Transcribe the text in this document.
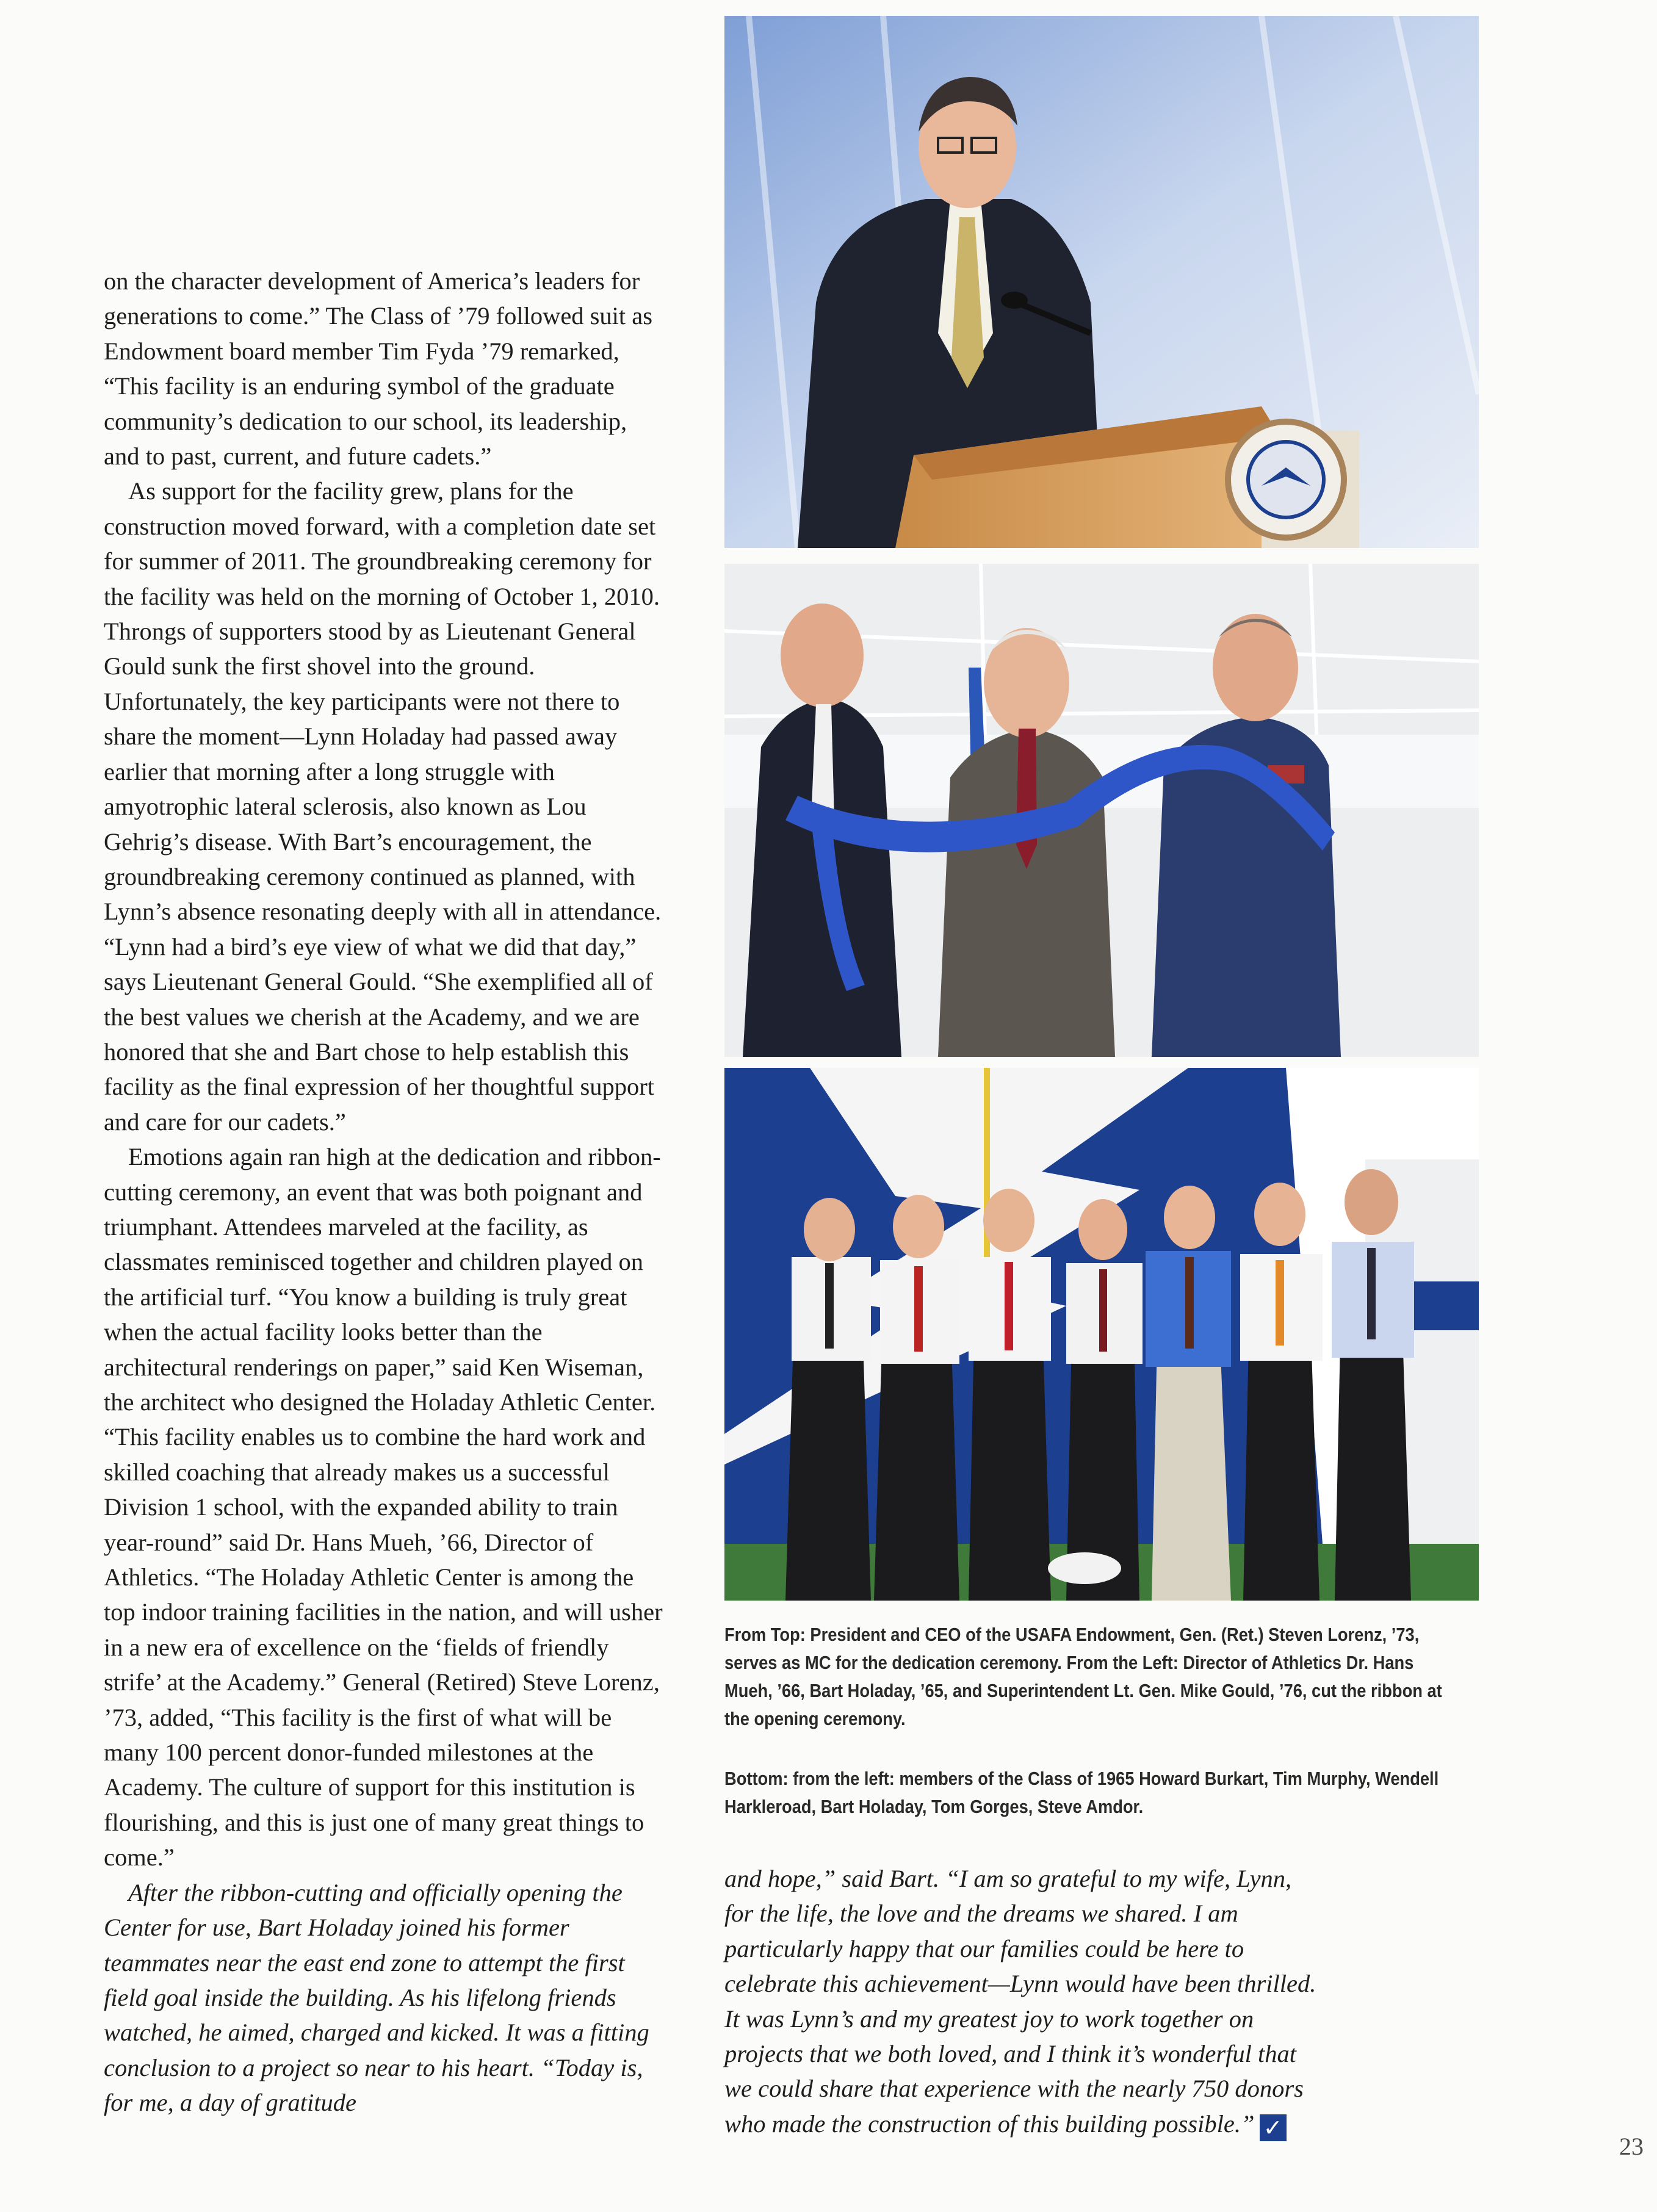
on the character development of America’s leaders for generations to come.” The Class of ’79 followed suit as Endowment board member Tim Fyda ’79 remarked, “This facility is an enduring symbol of the graduate community’s dedication to our school, its leadership, and to past, current, and future cadets.”

As support for the facility grew, plans for the construction moved forward, with a completion date set for summer of 2011. The groundbreaking ceremony for the facility was held on the morning of October 1, 2010. Throngs of supporters stood by as Lieutenant General Gould sunk the first shovel into the ground. Unfortunately, the key participants were not there to share the moment—Lynn Holaday had passed away earlier that morning after a long struggle with amyotrophic lateral sclerosis, also known as Lou Gehrig’s disease. With Bart’s encouragement, the groundbreaking ceremony continued as planned, with Lynn’s absence resonating deeply with all in attendance. “Lynn had a bird’s eye view of what we did that day,” says Lieutenant General Gould. “She exemplified all of the best values we cherish at the Academy, and we are honored that she and Bart chose to help establish this facility as the final expression of her thoughtful support and care for our cadets.”

Emotions again ran high at the dedication and ribbon-cutting ceremony, an event that was both poignant and triumphant. Attendees marveled at the facility, as classmates reminisced together and children played on the artificial turf. “You know a building is truly great when the actual facility looks better than the architectural renderings on paper,” said Ken Wiseman, the architect who designed the Holaday Athletic Center. “This facility enables us to combine the hard work and skilled coaching that already makes us a successful Division 1 school, with the expanded ability to train year-round” said Dr. Hans Mueh, ’66, Director of Athletics. “The Holaday Athletic Center is among the top indoor training facilities in the nation, and will usher in a new era of excellence on the ‘fields of friendly strife’ at the Academy.” General (Retired) Steve Lorenz, ’73, added, “This facility is the first of what will be many 100 percent donor-funded milestones at the Academy. The culture of support for this institution is flourishing, and this is just one of many great things to come.”

After the ribbon-cutting and officially opening the Center for use, Bart Holaday joined his former teammates near the east end zone to attempt the first field goal inside the building. As his lifelong friends watched, he aimed, charged and kicked. It was a fitting conclusion to a project so near to his heart. “Today is, for me, a day of gratitude

From Top: President and CEO of the USAFA Endowment, Gen. (Ret.) Steven Lorenz, ’73, serves as MC for the dedication ceremony. From the Left: Director of Athletics Dr. Hans Mueh, ’66, Bart Holaday, ’65, and Superintendent Lt. Gen. Mike Gould, ’76, cut the ribbon at the opening ceremony.

Bottom: from the left: members of the Class of 1965 Howard Burkart, Tim Murphy, Wendell Harkleroad, Bart Holaday, Tom Gorges, Steve Amdor.

and hope,” said Bart. “I am so grateful to my wife, Lynn, for the life, the love and the dreams we shared. I am particularly happy that our families could be here to celebrate this achievement—Lynn would have been thrilled. It was Lynn’s and my greatest joy to work together on projects that we both loved, and I think it’s wonderful that we could share that experience with the nearly 750 donors who made the construction of this building possible.” ✓

23
